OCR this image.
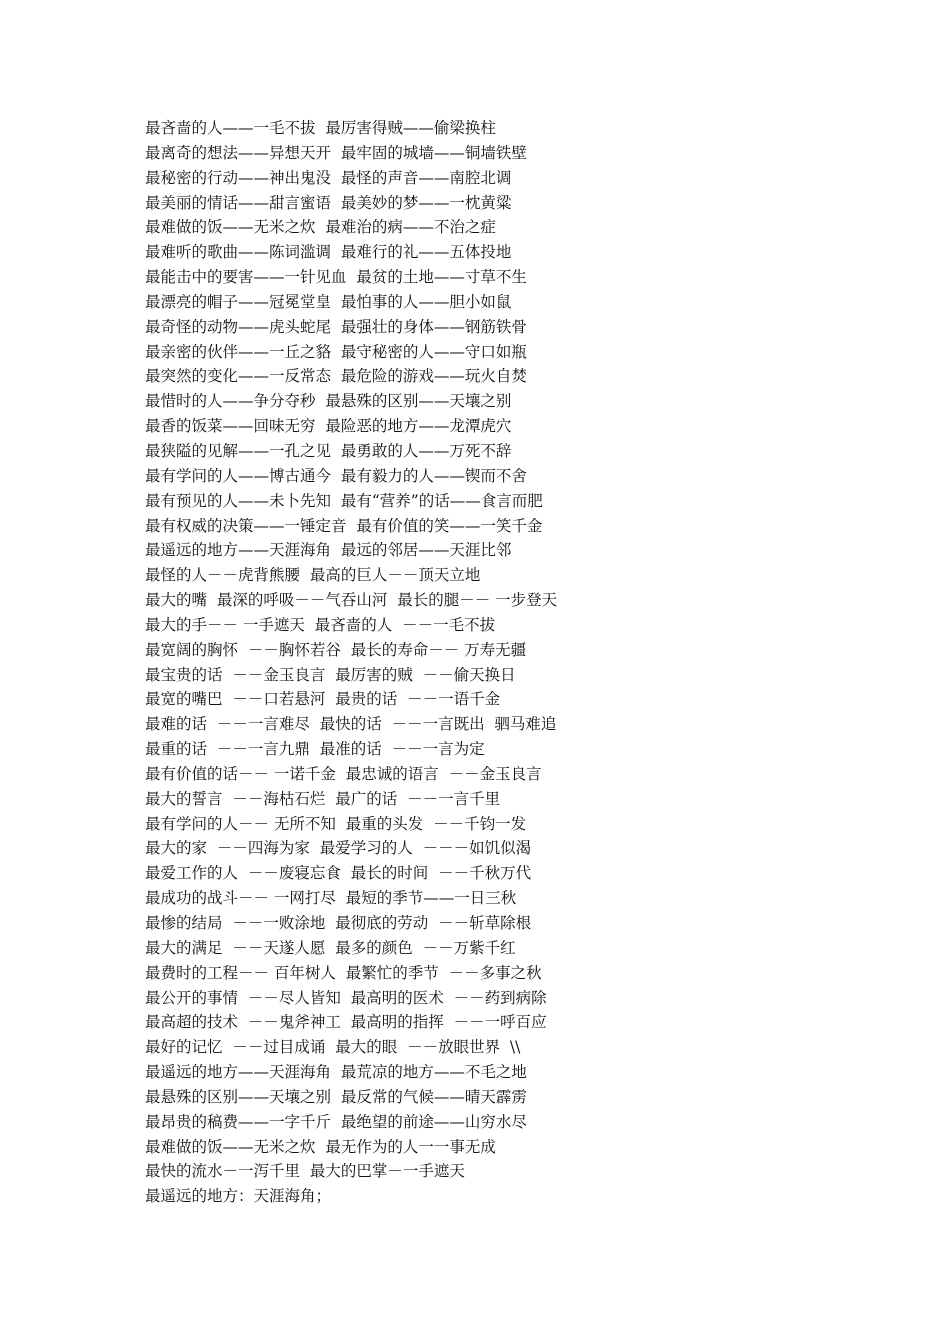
最吝啬的人——一毛不拔  最厉害得贼——偷梁换柱
最离奇的想法——异想天开  最牢固的城墙——铜墙铁壁
最秘密的行动——神出鬼没  最怪的声音——南腔北调
最美丽的情话——甜言蜜语  最美妙的梦——一枕黄粱
最难做的饭——无米之炊  最难治的病——不治之症
最难听的歌曲——陈词滥调  最难行的礼——五体投地
最能击中的要害——一针见血  最贫的土地——寸草不生
最漂亮的帽子——冠冕堂皇  最怕事的人——胆小如鼠
最奇怪的动物——虎头蛇尾  最强壮的身体——钢筋铁骨
最亲密的伙伴——一丘之貉  最守秘密的人——守口如瓶
最突然的变化——一反常态  最危险的游戏——玩火自焚
最惜时的人——争分夺秒  最悬殊的区别——天壤之别
最香的饭菜——回味无穷  最险恶的地方——龙潭虎穴
最狭隘的见解——一孔之见  最勇敢的人——万死不辞
最有学问的人——博古通今  最有毅力的人——锲而不舍
最有预见的人——未卜先知  最有“营养”的话——食言而肥
最有权威的决策——一锤定音  最有价值的笑——一笑千金
最遥远的地方——天涯海角  最远的邻居——天涯比邻
最怪的人－－虎背熊腰  最高的巨人－－顶天立地
最大的嘴  最深的呼吸－－气吞山河  最长的腿－－ 一步登天
最大的手－－ 一手遮天  最吝啬的人  －－一毛不拔
最宽阔的胸怀  －－胸怀若谷  最长的寿命－－ 万寿无疆
最宝贵的话  －－金玉良言  最厉害的贼  －－偷天换日
最宽的嘴巴  －－口若悬河  最贵的话  －－一语千金
最难的话  －－一言难尽  最快的话  －－一言既出  驷马难追
最重的话  －－一言九鼎  最准的话  －－一言为定
最有价值的话－－ 一诺千金  最忠诚的语言  －－金玉良言
最大的誓言  －－海枯石烂  最广的话  －－一言千里
最有学问的人－－ 无所不知  最重的头发  －－千钧一发
最大的家  －－四海为家  最爱学习的人  －－－如饥似渴
最爱工作的人  －－废寝忘食  最长的时间  －－千秋万代
最成功的战斗－－ 一网打尽  最短的季节——一日三秋
最惨的结局  －－一败涂地  最彻底的劳动  －－斩草除根
最大的满足  －－天遂人愿  最多的颜色  －－万紫千红
最费时的工程－－ 百年树人  最繁忙的季节  －－多事之秋
最公开的事情  －－尽人皆知  最高明的医术  －－药到病除
最高超的技术  －－鬼斧神工  最高明的指挥  －－一呼百应
最好的记忆  －－过目成诵  最大的眼  －－放眼世界  \\
最遥远的地方——天涯海角  最荒凉的地方——不毛之地
最悬殊的区别——天壤之别  最反常的气候——晴天霹雳
最昂贵的稿费——一字千斤  最绝望的前途——山穷水尽
最难做的饭——无米之炊  最无作为的人一一事无成
最快的流水－一泻千里  最大的巴掌－一手遮天
最遥远的地方：天涯海角；
